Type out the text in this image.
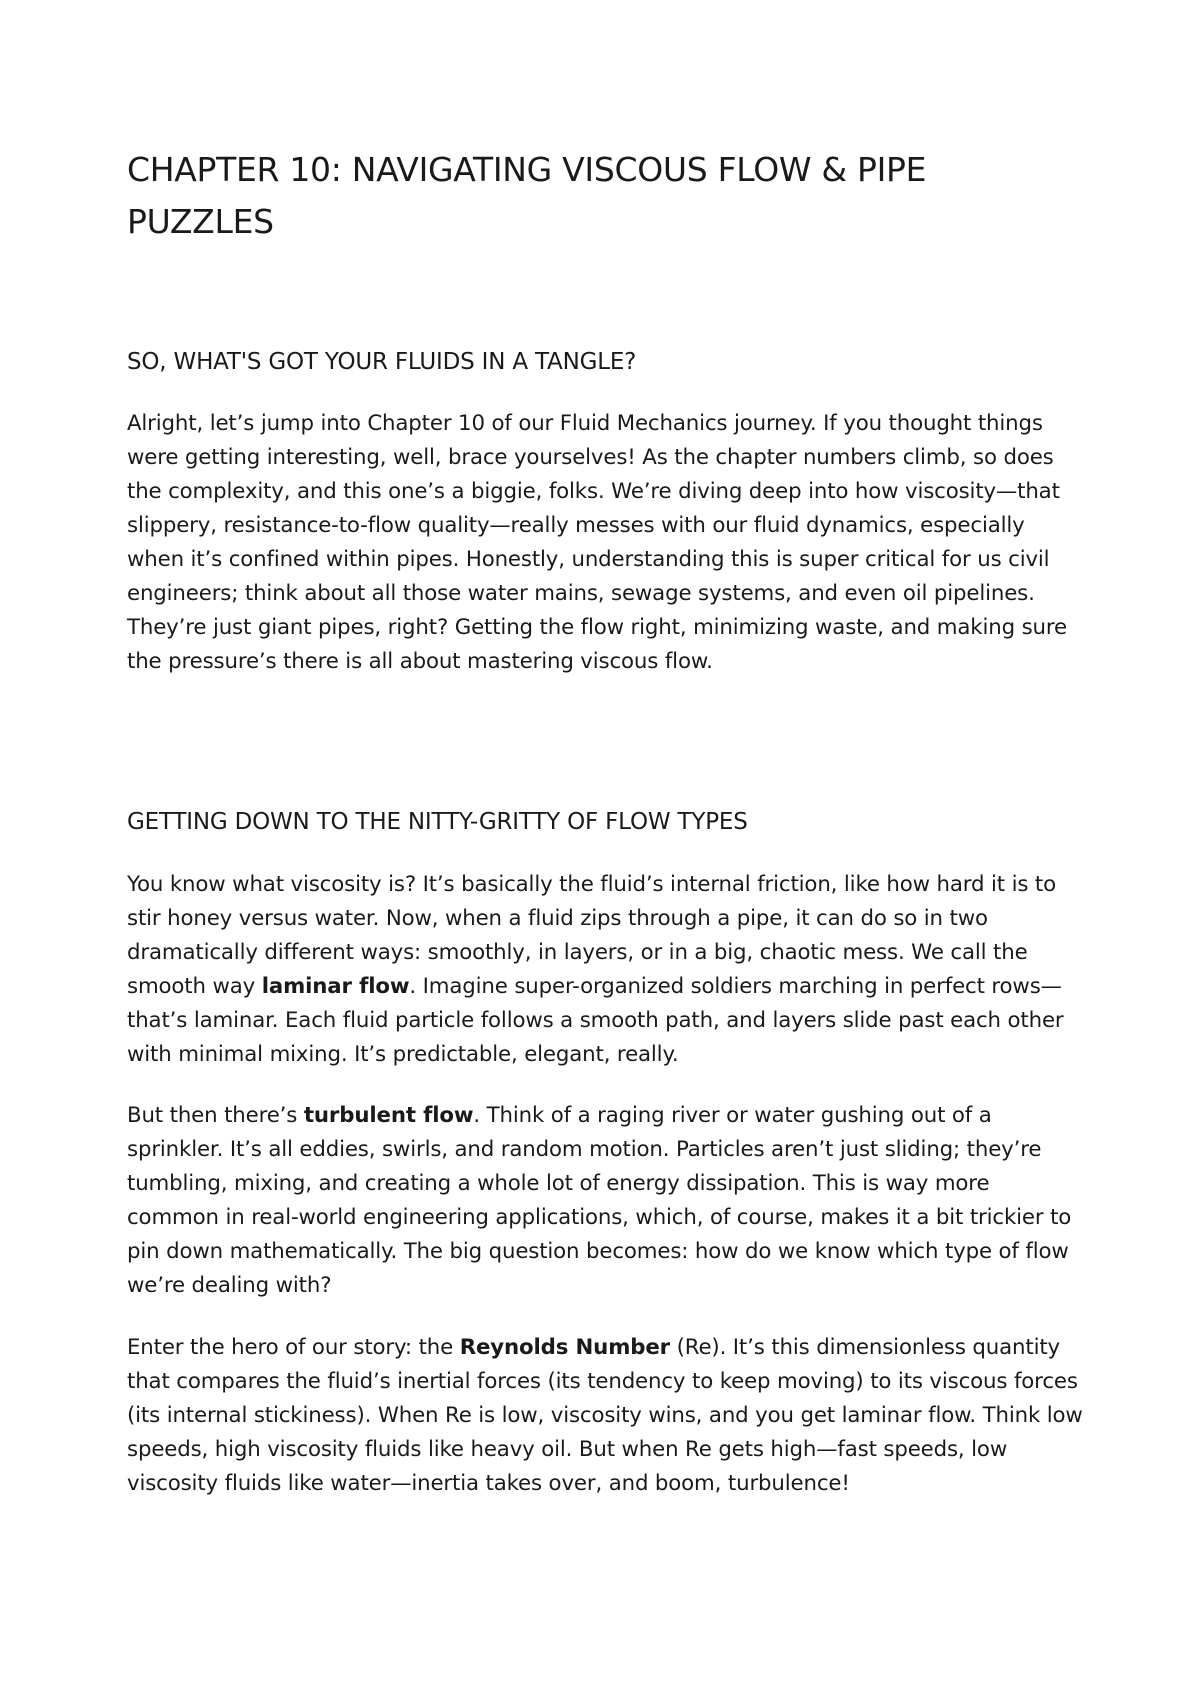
CHAPTER 10: NAVIGATING VISCOUS FLOW & PIPE PUZZLES
SO, WHAT'S GOT YOUR FLUIDS IN A TANGLE?

Alright, let’s jump into Chapter 10 of our Fluid Mechanics journey. If you thought things were getting interesting, well, brace yourselves! As the chapter numbers climb, so does the complexity, and this one’s a biggie, folks. We’re diving deep into how viscosity—that slippery, resistance-to-flow quality—really messes with our fluid dynamics, especially when it’s confined within pipes. Honestly, understanding this is super critical for us civil engineers; think about all those water mains, sewage systems, and even oil pipelines. They’re just giant pipes, right? Getting the flow right, minimizing waste, and making sure the pressure’s there is all about mastering viscous flow.

GETTING DOWN TO THE NITTY-GRITTY OF FLOW TYPES

You know what viscosity is? It’s basically the fluid’s internal friction, like how hard it is to stir honey versus water. Now, when a fluid zips through a pipe, it can do so in two dramatically different ways: smoothly, in layers, or in a big, chaotic mess. We call the smooth way laminar flow. Imagine super-organized soldiers marching in perfect rows—that’s laminar. Each fluid particle follows a smooth path, and layers slide past each other with minimal mixing. It’s predictable, elegant, really.

But then there’s turbulent flow. Think of a raging river or water gushing out of a sprinkler. It’s all eddies, swirls, and random motion. Particles aren’t just sliding; they’re tumbling, mixing, and creating a whole lot of energy dissipation. This is way more common in real-world engineering applications, which, of course, makes it a bit trickier to pin down mathematically. The big question becomes: how do we know which type of flow we’re dealing with?

Enter the hero of our story: the Reynolds Number (Re). It’s this dimensionless quantity that compares the fluid’s inertial forces (its tendency to keep moving) to its viscous forces (its internal stickiness). When Re is low, viscosity wins, and you get laminar flow. Think low speeds, high viscosity fluids like heavy oil. But when Re gets high—fast speeds, low viscosity fluids like water—inertia takes over, and boom, turbulence!
